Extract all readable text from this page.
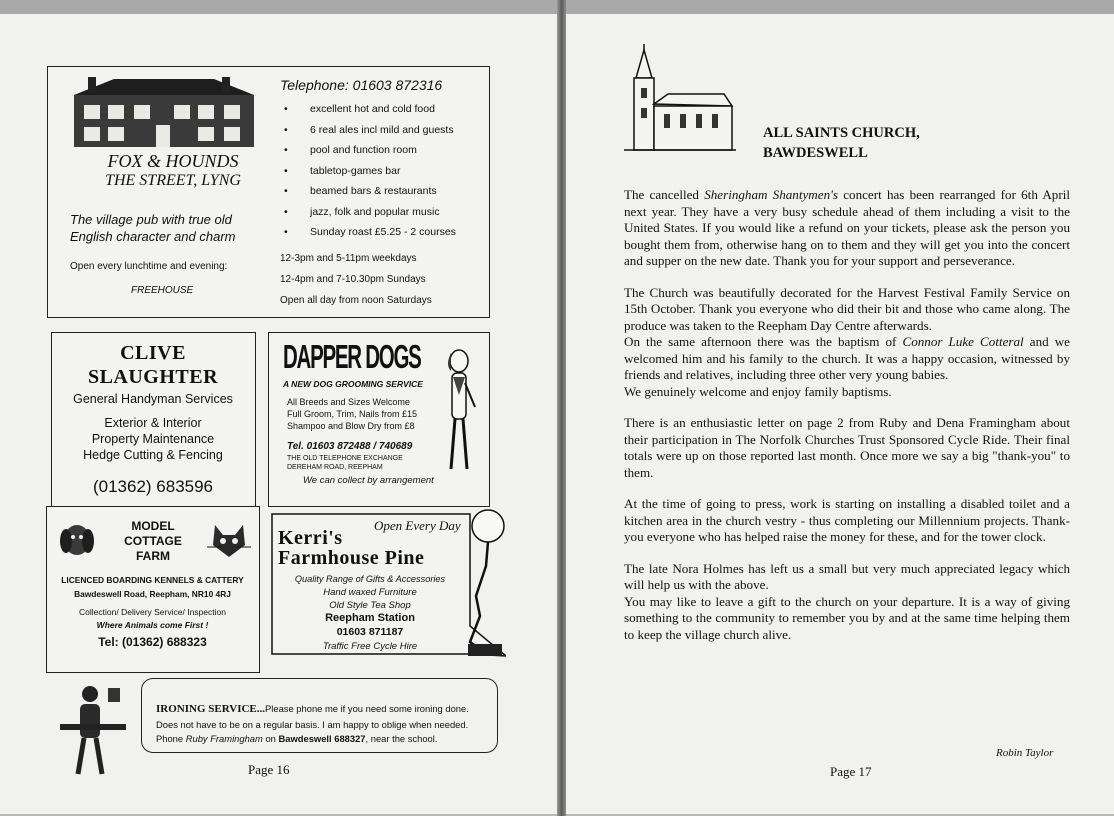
FOX & HOUNDS
THE STREET, LYNG
The village pub with true old
English character and charm
Open every lunchtime and evening:
FREEHOUSE
Telephone: 01603 872316
• excellent hot and cold food
• 6 real ales incl mild and guests
• pool and function room
• tabletop-games bar
• beamed bars & restaurants
• jazz, folk and popular music
• Sunday roast £5.25 - 2 courses
12-3pm and 5-11pm weekdays
12-4pm and 7-10.30pm Sundays
Open all day from noon Saturdays
CLIVE
SLAUGHTER
General Handyman Services
Exterior & Interior
Property Maintenance
Hedge Cutting & Fencing
(01362) 683596
DAPPER DOGS
A NEW DOG GROOMING SERVICE
All Breeds and Sizes Welcome
Full Groom, Trim, Nails from £15
Shampoo and Blow Dry from £8
Tel. 01603 872488 / 740689
THE OLD TELEPHONE EXCHANGE
DEREHAM ROAD, REEPHAM
We can collect by arrangement
MODEL
COTTAGE
FARM
LICENCED BOARDING KENNELS & CATTERY
Bawdeswell Road, Reepham, NR10 4RJ
Collection/ Delivery Service/ Inspection
Where Animals come First !
Tel: (01362) 688323
Open Every Day
Kerri's
Farmhouse Pine
Quality Range of Gifts & Accessories
Hand waxed Furniture
Old Style Tea Shop
Reepham Station
01603 871187
Traffic Free Cycle Hire
IRONING SERVICE...Please phone me if you need some ironing done.
Does not have to be on a regular basis. I am happy to oblige when needed.
Phone Ruby Framingham on Bawdeswell 688327, near the school.
Page 16
ALL SAINTS CHURCH,
BAWDESWELL

The cancelled Sheringham Shantymen's concert has been rearranged for 6th April next year. They have a very busy schedule ahead of them including a visit to the United States. If you would like a refund on your tickets, please ask the person you bought them from, otherwise hang on to them and they will get you into the concert and supper on the new date. Thank you for your support and perseverance.

The Church was beautifully decorated for the Harvest Festival Family Service on 15th October. Thank you everyone who did their bit and those who came along. The produce was taken to the Reepham Day Centre afterwards.

On the same afternoon there was the baptism of Connor Luke Cotteral and we welcomed him and his family to the church. It was a happy occasion, witnessed by friends and relatives, including three other very young babies.

We genuinely welcome and enjoy family baptisms.

There is an enthusiastic letter on page 2 from Ruby and Dena Framingham about their participation in The Norfolk Churches Trust Sponsored Cycle Ride. Their final totals were up on those reported last month. Once more we say a big "thank-you" to them.

At the time of going to press, work is starting on installing a disabled toilet and a kitchen area in the church vestry - thus completing our Millennium projects. Thank-you everyone who has helped raise the money for these, and for the tower clock.

The late Nora Holmes has left us a small but very much appreciated legacy which will help us with the above.

You may like to leave a gift to the church on your departure. It is a way of giving something to the community to remember you by and at the same time helping them to keep the village church alive.

Robin Taylor
Page 17
